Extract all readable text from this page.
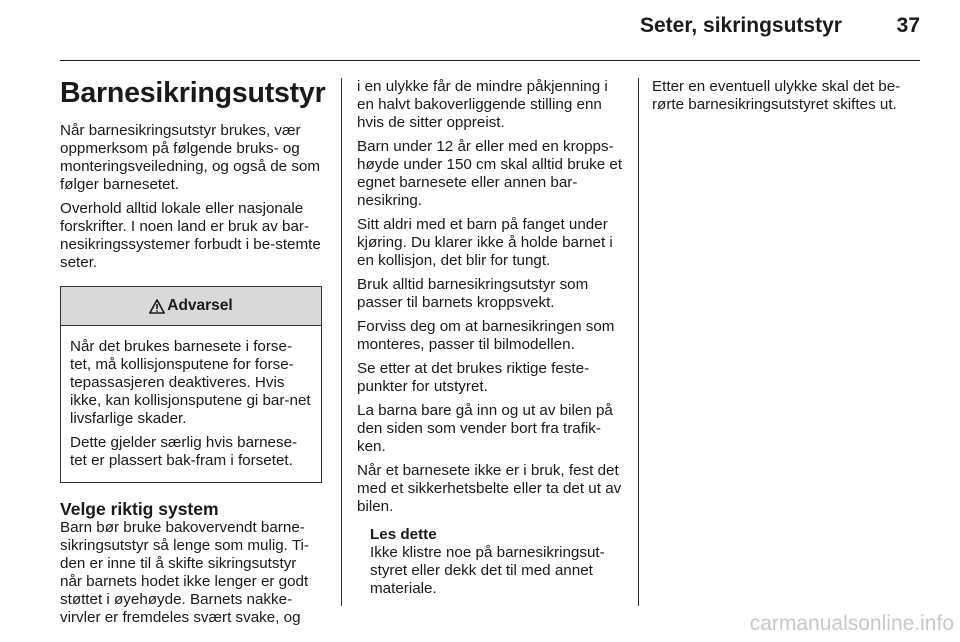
Seter, sikringsutstyr	37
Barnesikringsutstyr

Når barnesikringsutstyr brukes, vær oppmerksom på følgende bruks- og monteringsveiledning, og også de som følger barnesetet.

Overhold alltid lokale eller nasjonale forskrifter. I noen land er bruk av bar-nesikringssystemer forbudt i be-stemte seter.

Advarsel

Når det brukes barnesete i forse-tet, må kollisjonsputene for forse-tepassasjeren deaktiveres. Hvis ikke, kan kollisjonsputene gi bar-net livsfarlige skader.

Dette gjelder særlig hvis barnese-tet er plassert bak-fram i forsetet.

Velge riktig system

Barn bør bruke bakovervendt barne-sikringsutstyr så lenge som mulig. Ti-den er inne til å skifte sikringsutstyr når barnets hodet ikke lenger er godt støttet i øyehøyde. Barnets nakke-virvler er fremdeles svært svake, og

i en ulykke får de mindre påkjenning i en halvt bakoverliggende stilling enn hvis de sitter oppreist.

Barn under 12 år eller med en kropps-høyde under 150 cm skal alltid bruke et egnet barnesete eller annen bar-nesikring.

Sitt aldri med et barn på fanget under kjøring. Du klarer ikke å holde barnet i en kollisjon, det blir for tungt.

Bruk alltid barnesikringsutstyr som passer til barnets kroppsvekt.

Forviss deg om at barnesikringen som monteres, passer til bilmodellen.

Se etter at det brukes riktige feste-punkter for utstyret.

La barna bare gå inn og ut av bilen på den siden som vender bort fra trafik-ken.

Når et barnesete ikke er i bruk, fest det med et sikkerhetsbelte eller ta det ut av bilen.

Les dette

Ikke klistre noe på barnesikringsut-styret eller dekk det til med annet materiale.

Etter en eventuell ulykke skal det be-rørte barnesikringsutstyret skiftes ut.

carmanualsonline.info
